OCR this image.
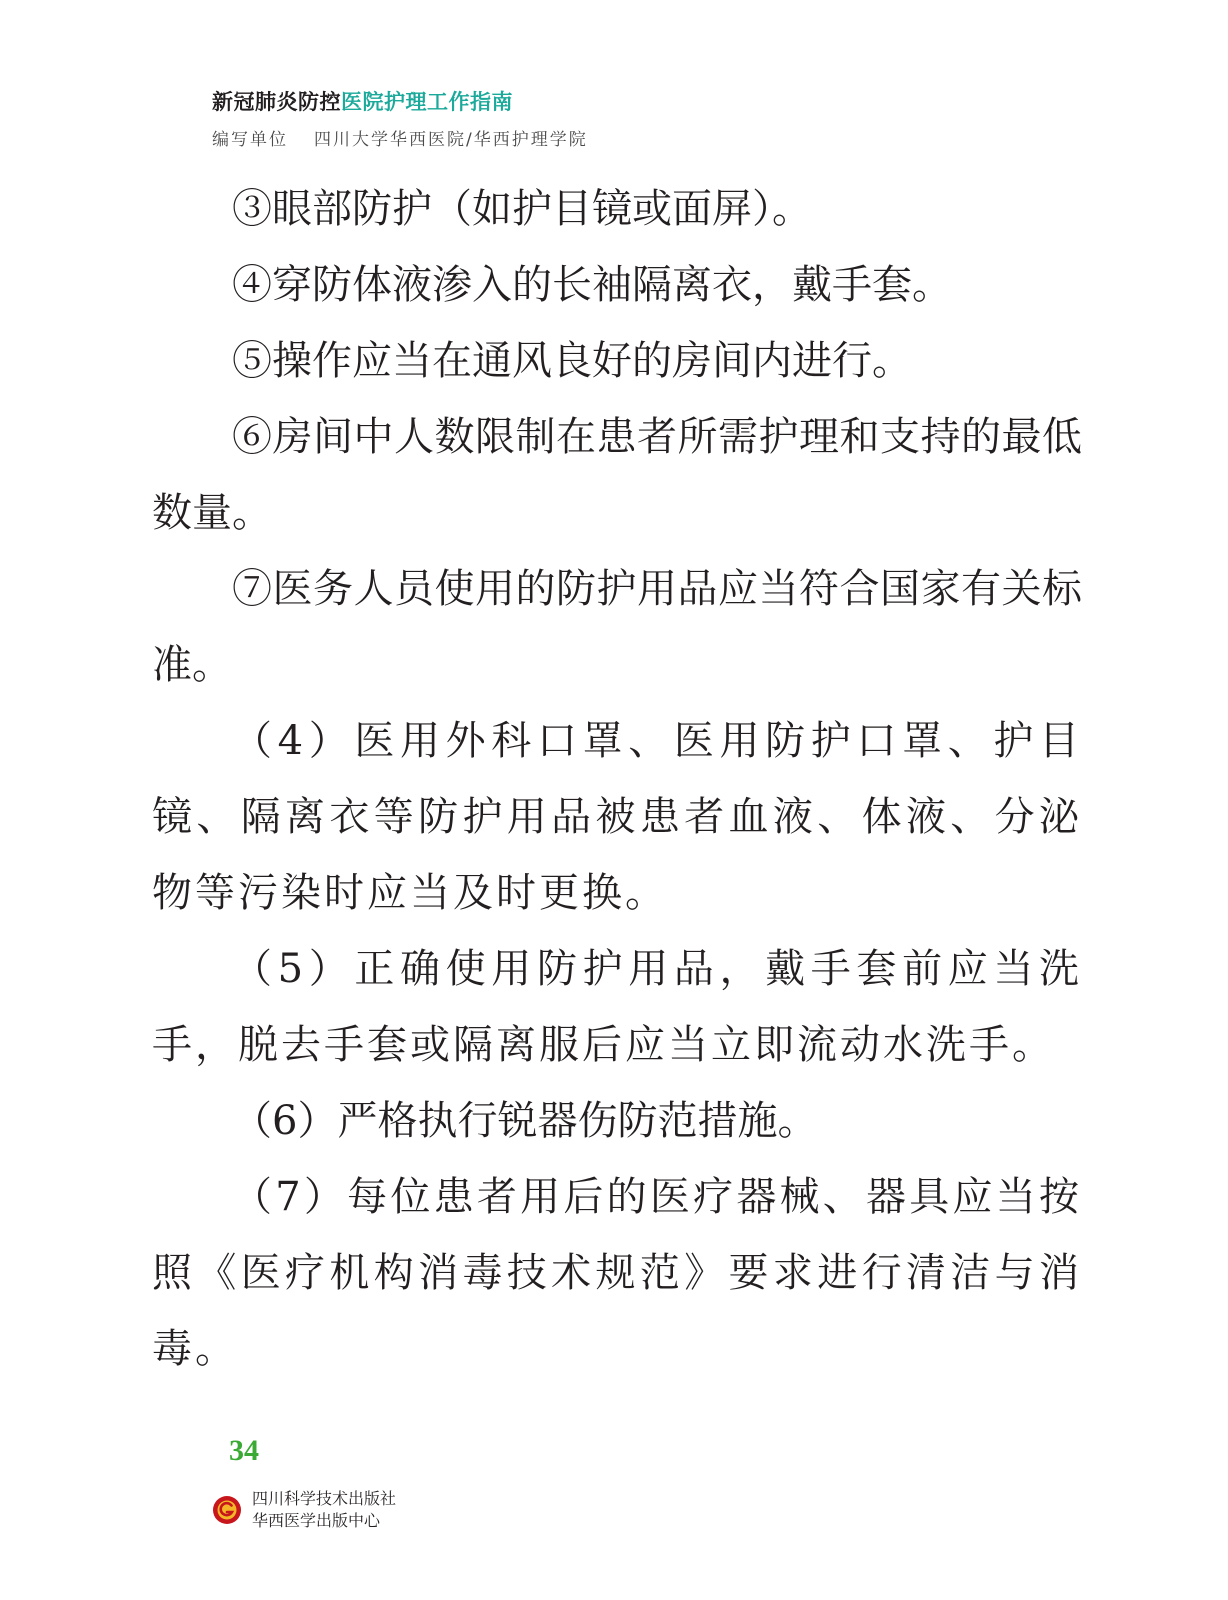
新冠肺炎防控医院护理工作指南
编写单位 四川大学华西医院/华西护理学院

③眼部防护（如护目镜或面屏）。

④穿防体液渗入的长袖隔离衣，戴手套。

⑤操作应当在通风良好的房间内进行。

⑥房间中人数限制在患者所需护理和支持的最低数量。

⑦医务人员使用的防护用品应当符合国家有关标准。

（4）医用外科口罩、医用防护口罩、护目镜、隔离衣等防护用品被患者血液、体液、分泌物等污染时应当及时更换。

（5）正确使用防护用品，戴手套前应当洗手，脱去手套或隔离服后应当立即流动水洗手。

（6）严格执行锐器伤防范措施。

（7）每位患者用后的医疗器械、器具应当按照《医疗机构消毒技术规范》要求进行清洁与消毒。

34
四川科学技术出版社
华西医学出版中心
